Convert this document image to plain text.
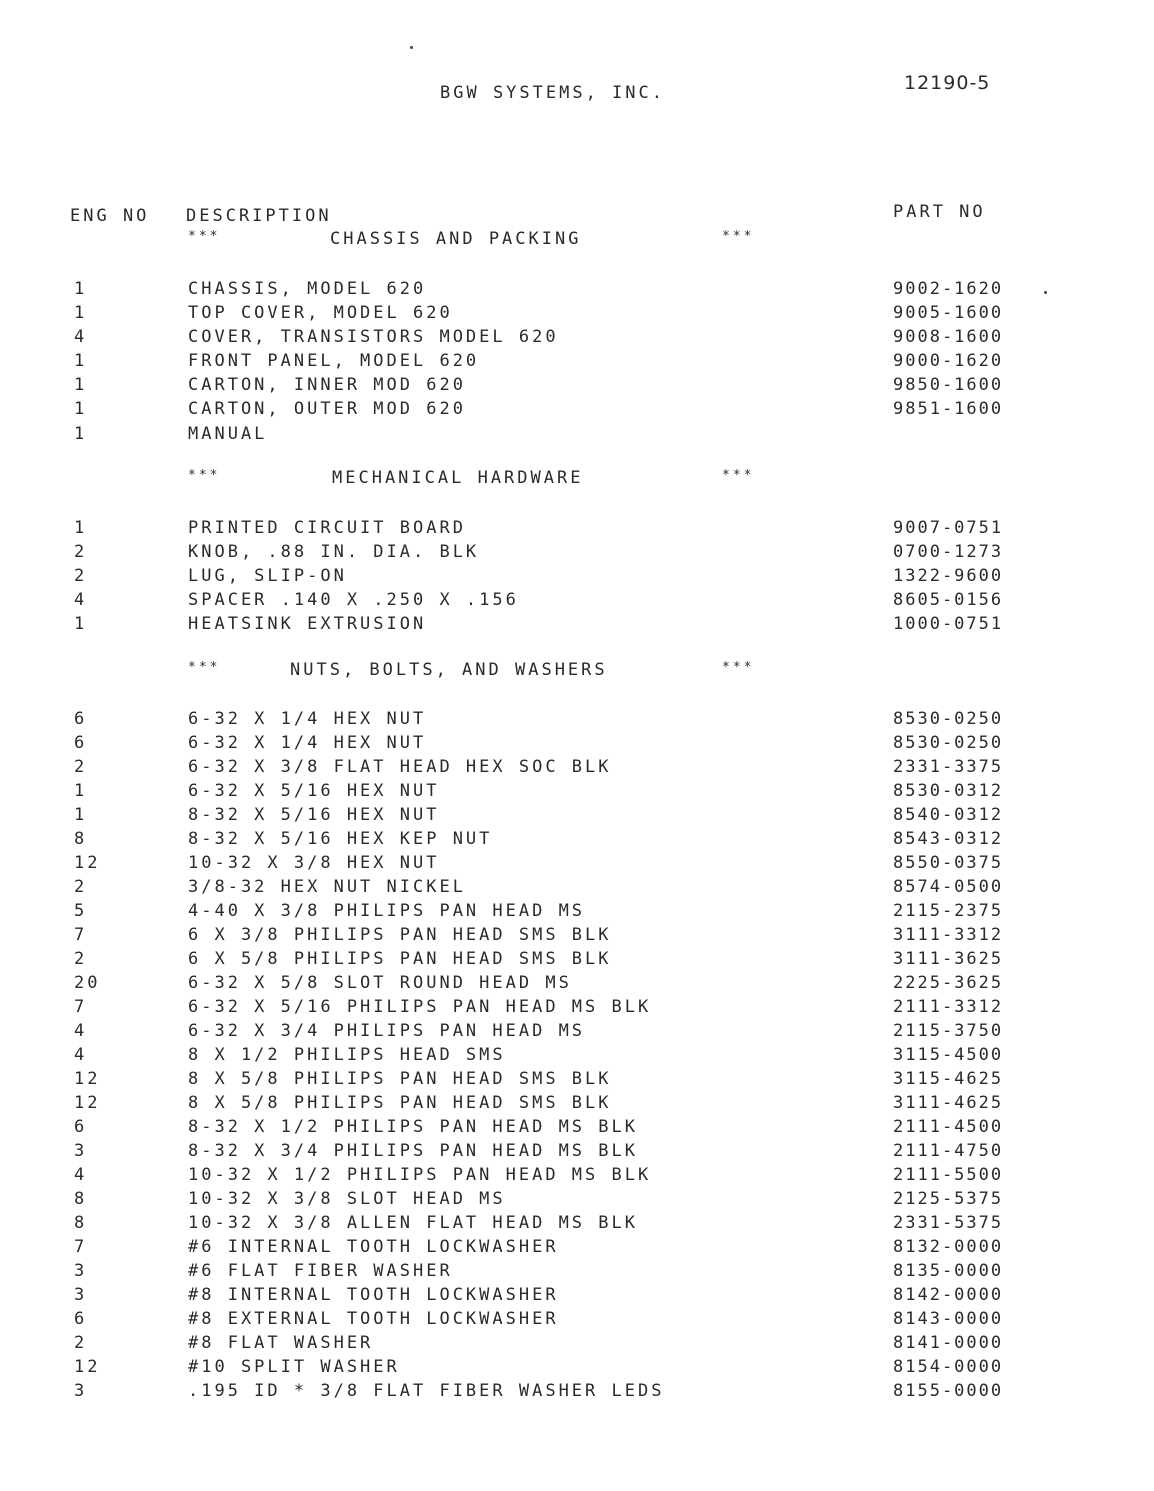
BGW SYSTEMS, INC.	12190-5
ENG NO DESCRIPTION	PART NO
***	CHASSIS AND PACKING	***
1	CHASSIS, MODEL 620	9002-1620
1	TOP COVER, MODEL 620	9005-1600
4	COVER, TRANSISTORS MODEL 620	9008-1600
1	FRONT PANEL, MODEL 620	9000-1620
1	CARTON, INNER MOD 620	9850-1600
1	CARTON, OUTER MOD 620	9851-1600
1	MANUAL
***	MECHANICAL HARDWARE	***
1	PRINTED CIRCUIT BOARD	9007-0751
2	KNOB, .88 IN. DIA. BLK	0700-1273
2	LUG, SLIP-ON	1322-9600
4	SPACER .140 X .250 X .156	8605-0156
1	HEATSINK EXTRUSION	1000-0751
***	NUTS, BOLTS, AND WASHERS	***
6	6-32 X 1/4 HEX NUT	8530-0250
6	6-32 X 1/4 HEX NUT	8530-0250
2	6-32 X 3/8 FLAT HEAD HEX SOC BLK	2331-3375
1	6-32 X 5/16 HEX NUT	8530-0312
1	8-32 X 5/16 HEX NUT	8540-0312
8	8-32 X 5/16 HEX KEP NUT	8543-0312
12	10-32 X 3/8 HEX NUT	8550-0375
2	3/8-32 HEX NUT NICKEL	8574-0500
5	4-40 X 3/8 PHILIPS PAN HEAD MS	2115-2375
7	6 X 3/8 PHILIPS PAN HEAD SMS BLK	3111-3312
2	6 X 5/8 PHILIPS PAN HEAD SMS BLK	3111-3625
20	6-32 X 5/8 SLOT ROUND HEAD MS	2225-3625
7	6-32 X 5/16 PHILIPS PAN HEAD MS BLK	2111-3312
4	6-32 X 3/4 PHILIPS PAN HEAD MS	2115-3750
4	8 X 1/2 PHILIPS HEAD SMS	3115-4500
12	8 X 5/8 PHILIPS PAN HEAD SMS BLK	3115-4625
12	8 X 5/8 PHILIPS PAN HEAD SMS BLK	3111-4625
6	8-32 X 1/2 PHILIPS PAN HEAD MS BLK	2111-4500
3	8-32 X 3/4 PHILIPS PAN HEAD MS BLK	2111-4750
4	10-32 X 1/2 PHILIPS PAN HEAD MS BLK	2111-5500
8	10-32 X 3/8 SLOT HEAD MS	2125-5375
8	10-32 X 3/8 ALLEN FLAT HEAD MS BLK	2331-5375
7	#6 INTERNAL TOOTH LOCKWASHER	8132-0000
3	#6 FLAT FIBER WASHER	8135-0000
3	#8 INTERNAL TOOTH LOCKWASHER	8142-0000
6	#8 EXTERNAL TOOTH LOCKWASHER	8143-0000
2	#8 FLAT WASHER	8141-0000
12	#10 SPLIT WASHER	8154-0000
3	.195 ID * 3/8 FLAT FIBER WASHER LEDS	8155-0000
